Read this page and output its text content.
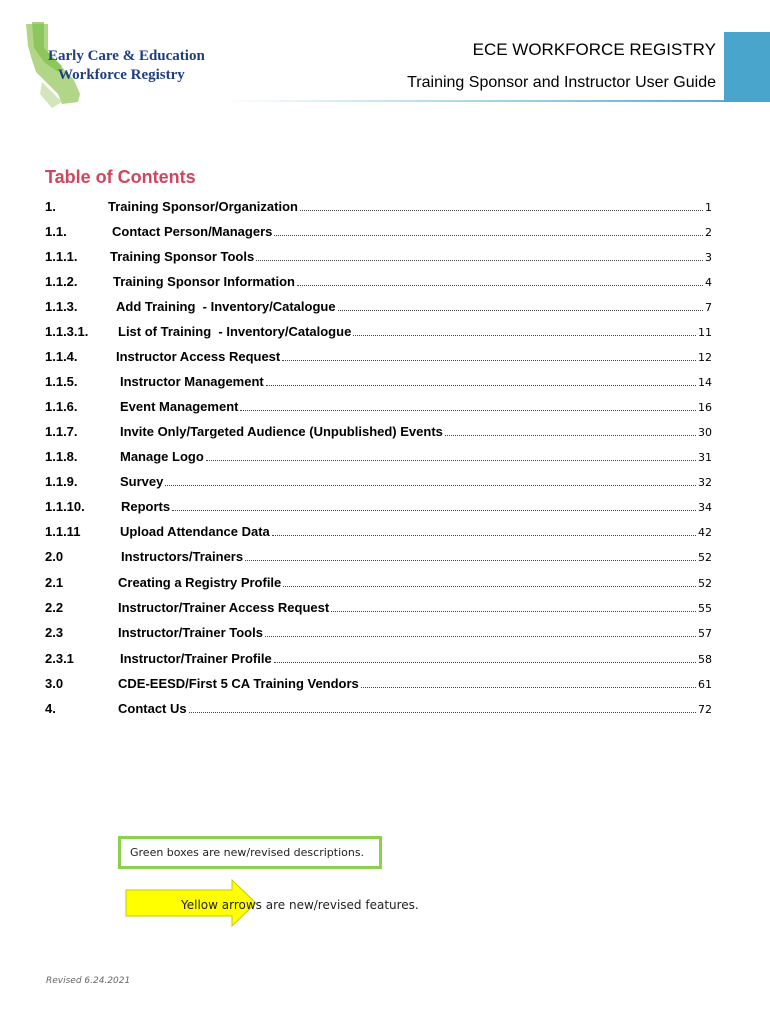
Early Care & Education
Workforce Registry
ECE WORKFORCE REGISTRY
Training Sponsor and Instructor User Guide
Table of Contents
1.	Training Sponsor/Organization	1
1.1.	Contact Person/Managers	2
1.1.1. Training Sponsor Tools	3
1.1.2.	Training Sponsor Information	4
1.1.3.	Add Training  - Inventory/Catalogue	7
1.1.3.1. List of Training  - Inventory/Catalogue	11
1.1.4.	Instructor Access Request	12
1.1.5.	Instructor Management	14
1.1.6.	Event Management	16
1.1.7.	Invite Only/Targeted Audience (Unpublished) Events	30
1.1.8.	Manage Logo	31
1.1.9.	Survey	32
1.1.10.	Reports	34
1.1.11	Upload Attendance Data	42
2.0	Instructors/Trainers	52
2.1	Creating a Registry Profile	52
2.2	Instructor/Trainer Access Request	55
2.3	Instructor/Trainer Tools	57
2.3.1	Instructor/Trainer Profile	58
3.0	CDE-EESD/First 5 CA Training Vendors	61
4.	Contact Us	72
Green boxes are new/revised descriptions.
Yellow arrows are new/revised features.
Revised 6.24.2021
